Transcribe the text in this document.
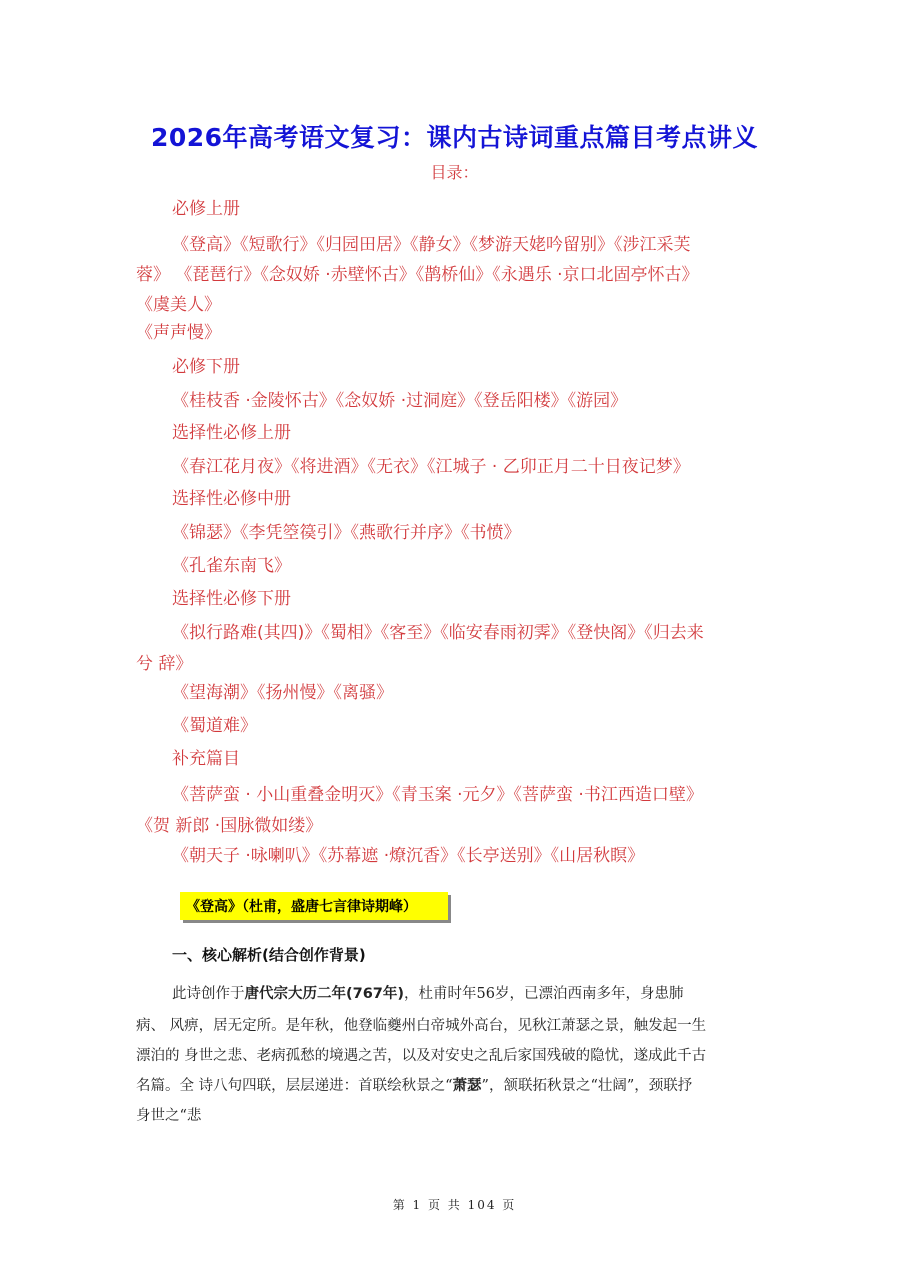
2026年高考语文复习：课内古诗词重点篇目考点讲义
目录：
必修上册
《登高》《短歌行》《归园田居》《静女》《梦游天姥吟留别》《涉江采芙
蓉》 《琵琶行》《念奴娇 ·赤壁怀古》《鹊桥仙》《永遇乐 ·京口北固亭怀古》
《虞美人》
《声声慢》
必修下册
《桂枝香 ·金陵怀古》《念奴娇 ·过洞庭》《登岳阳楼》《游园》
选择性必修上册
《春江花月夜》《将进酒》《无衣》《江城子 · 乙卯正月二十日夜记梦》
选择性必修中册
《锦瑟》《李凭箜篌引》《燕歌行并序》《书愤》
《孔雀东南飞》
选择性必修下册
《拟行路难(其四)》《蜀相》《客至》《临安春雨初霁》《登快阁》《归去来
兮 辞》
《望海潮》《扬州慢》《离骚》
《蜀道难》
补充篇目
《菩萨蛮 · 小山重叠金明灭》《青玉案 ·元夕》《菩萨蛮 ·书江西造口壁》
《贺 新郎 ·国脉微如缕》
《朝天子 ·咏喇叭》《苏幕遮 ·燎沉香》《长亭送别》《山居秋瞑》
《登高》（杜甫，盛唐七言律诗期峰）
一、核心解析(结合创作背景)
此诗创作于唐代宗大历二年(767年)，杜甫时年56岁，已漂泊西南多年，身患肺
病、 风痹，居无定所。是年秋，他登临夔州白帝城外高台，见秋江萧瑟之景，触发起一生
漂泊的 身世之悲、老病孤愁的境遇之苦，以及对安史之乱后家国残破的隐忧，遂成此千古
名篇。全 诗八句四联，层层递进：首联绘秋景之“萧瑟”，颔联拓秋景之“壮阔”，颈联抒
身世之“悲
第 1 页 共 104 页
